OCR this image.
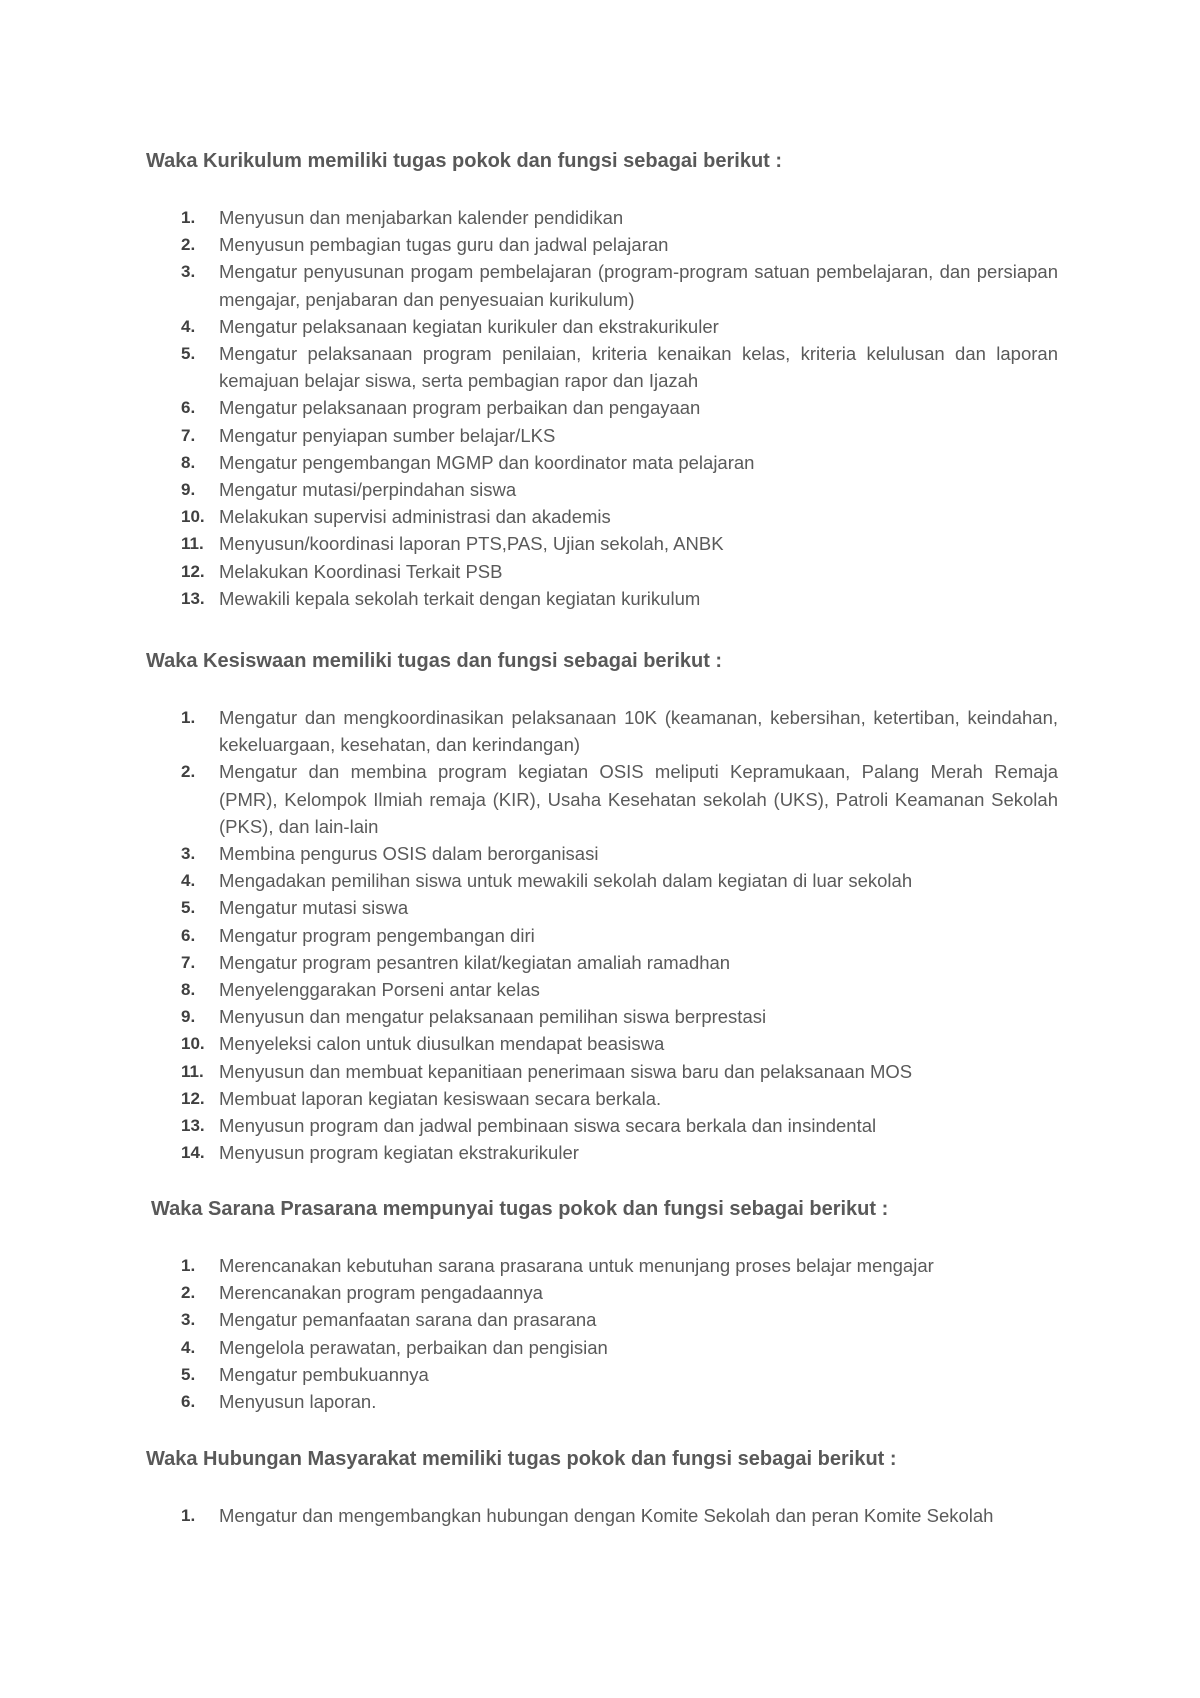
Waka Kurikulum memiliki tugas pokok dan fungsi sebagai berikut :
1. Menyusun dan menjabarkan kalender pendidikan
2. Menyusun pembagian tugas guru dan jadwal pelajaran
3. Mengatur penyusunan progam pembelajaran (program-program satuan pembelajaran, dan persiapan mengajar, penjabaran dan penyesuaian kurikulum)
4. Mengatur pelaksanaan kegiatan kurikuler dan ekstrakurikuler
5. Mengatur pelaksanaan program penilaian, kriteria kenaikan kelas, kriteria kelulusan dan laporan kemajuan belajar siswa, serta pembagian rapor dan Ijazah
6. Mengatur pelaksanaan program perbaikan dan pengayaan
7. Mengatur penyiapan sumber belajar/LKS
8. Mengatur pengembangan MGMP dan koordinator mata pelajaran
9. Mengatur mutasi/perpindahan siswa
10. Melakukan supervisi administrasi dan akademis
11. Menyusun/koordinasi laporan PTS,PAS, Ujian sekolah, ANBK
12. Melakukan Koordinasi Terkait PSB
13. Mewakili kepala sekolah terkait dengan kegiatan kurikulum
Waka Kesiswaan memiliki tugas dan fungsi sebagai berikut :
1. Mengatur dan mengkoordinasikan pelaksanaan 10K (keamanan, kebersihan, ketertiban, keindahan, kekeluargaan, kesehatan, dan kerindangan)
2. Mengatur dan membina program kegiatan OSIS meliputi Kepramukaan, Palang Merah Remaja (PMR), Kelompok Ilmiah remaja (KIR), Usaha Kesehatan sekolah (UKS), Patroli Keamanan Sekolah (PKS), dan lain-lain
3. Membina pengurus OSIS dalam berorganisasi
4. Mengadakan pemilihan siswa untuk mewakili sekolah dalam kegiatan di luar sekolah
5. Mengatur mutasi siswa
6. Mengatur program pengembangan diri
7. Mengatur program pesantren kilat/kegiatan amaliah ramadhan
8. Menyelenggarakan Porseni antar kelas
9. Menyusun dan mengatur pelaksanaan pemilihan siswa berprestasi
10. Menyeleksi calon untuk diusulkan mendapat beasiswa
11. Menyusun dan membuat kepanitiaan penerimaan siswa baru dan pelaksanaan MOS
12. Membuat laporan kegiatan kesiswaan secara berkala.
13. Menyusun program dan jadwal pembinaan siswa secara berkala dan insindental
14. Menyusun program kegiatan ekstrakurikuler
Waka Sarana Prasarana mempunyai tugas pokok dan fungsi sebagai berikut :
1. Merencanakan kebutuhan sarana prasarana untuk menunjang proses belajar mengajar
2. Merencanakan program pengadaannya
3. Mengatur pemanfaatan sarana dan prasarana
4. Mengelola perawatan, perbaikan dan pengisian
5. Mengatur pembukuannya
6. Menyusun laporan.
Waka Hubungan Masyarakat memiliki tugas pokok dan fungsi sebagai berikut :
1. Mengatur dan mengembangkan hubungan dengan Komite Sekolah dan peran Komite Sekolah
